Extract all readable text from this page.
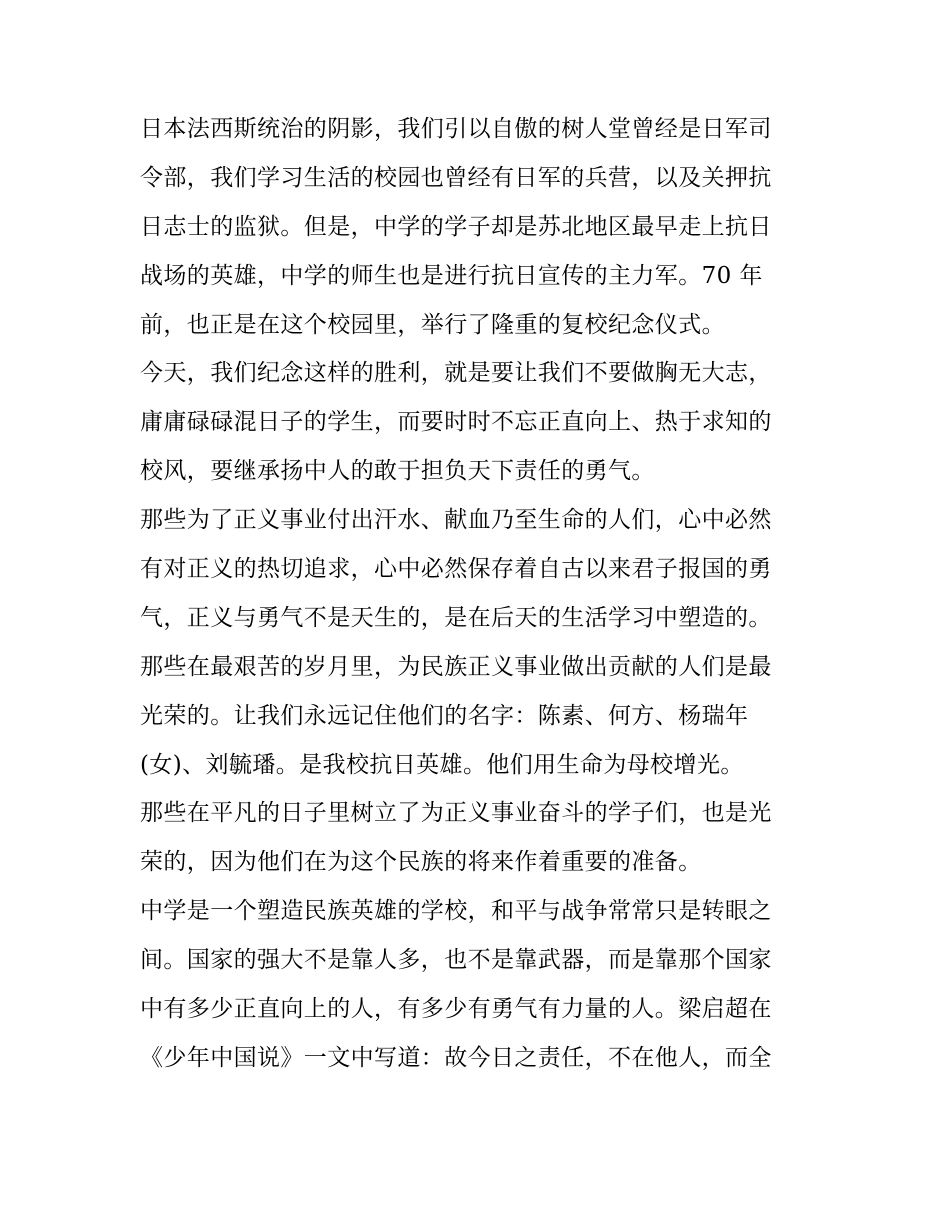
日本法西斯统治的阴影，我们引以自傲的树人堂曾经是日军司
令部，我们学习生活的校园也曾经有日军的兵营，以及关押抗
日志士的监狱。但是，中学的学子却是苏北地区最早走上抗日
战场的英雄，中学的师生也是进行抗日宣传的主力军。70 年
前，也正是在这个校园里，举行了隆重的复校纪念仪式。
今天，我们纪念这样的胜利，就是要让我们不要做胸无大志，
庸庸碌碌混日子的学生，而要时时不忘正直向上、热于求知的
校风，要继承扬中人的敢于担负天下责任的勇气。
那些为了正义事业付出汗水、献血乃至生命的人们，心中必然
有对正义的热切追求，心中必然保存着自古以来君子报国的勇
气，正义与勇气不是天生的，是在后天的生活学习中塑造的。
那些在最艰苦的岁月里，为民族正义事业做出贡献的人们是最
光荣的。让我们永远记住他们的名字：陈素、何方、杨瑞年
(女)、刘毓璠。是我校抗日英雄。他们用生命为母校增光。
那些在平凡的日子里树立了为正义事业奋斗的学子们，也是光
荣的，因为他们在为这个民族的将来作着重要的准备。
中学是一个塑造民族英雄的学校，和平与战争常常只是转眼之
间。国家的强大不是靠人多，也不是靠武器，而是靠那个国家
中有多少正直向上的人，有多少有勇气有力量的人。梁启超在
《少年中国说》一文中写道：故今日之责任，不在他人，而全
